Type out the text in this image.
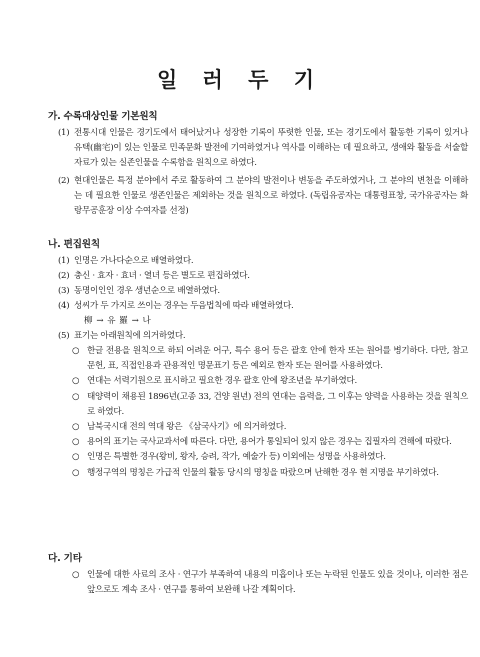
일 러 두 기
가. 수록대상인물 기본원칙
(1) 전통시대 인물은 경기도에서 태어났거나 성장한 기록이 뚜렷한 인물, 또는 경기도에서 활동한 기록이 있거나 유택(幽宅)이 있는 인물로 민족문화 발전에 기여하였거나 역사를 이해하는 데 필요하고, 생애와 활동을 서술할 자료가 있는 실존인물을 수록함을 원칙으로 하였다.
(2) 현대인물은 특정 분야에서 주로 활동하여 그 분야의 발전이나 변동을 주도하였거나, 그 분야의 변천을 이해하는 데 필요한 인물로 생존인물은 제외하는 것을 원칙으로 하였다. (독립유공자는 대통령표창, 국가유공자는 화랑무공훈장 이상 수여자를 선정)
나. 편집원칙
(1) 인명은 가나다순으로 배열하였다.
(2) 충신 · 효자 · 효녀 · 열녀 등은 별도로 편집하였다.
(3) 동명이인인 경우 생년순으로 배열하였다.
(4) 성씨가 두 가지로 쓰이는 경우는 두음법칙에 따라 배열하였다.
柳 → 유 羅 → 나
(5) 표기는 아래원칙에 의거하였다.
○ 한글 전용을 원칙으로 하되 어려운 어구, 특수 용어 등은 괄호 안에 한자 또는 원어를 병기하다. 다만, 참고문헌, 표, 직접인용과 관용적인 명문표기 등은 예외로 한자 또는 원어를 사용하였다.
○ 연대는 서력기원으로 표시하고 필요한 경우 괄호 안에 왕조년을 부기하였다.
○ 태양력이 채용된 1896년(고종 33, 건양 원년) 전의 연대는 음력을, 그 이후는 양력을 사용하는 것을 원칙으로 하였다.
○ 남북국시대 전의 역대 왕은 《삼국사기》에 의거하였다.
○ 용어의 표기는 국사교과서에 따른다. 다만, 용어가 통일되어 있지 않은 경우는 집필자의 견해에 따랐다.
○ 인명은 특별한 경우(왕비, 왕자, 승려, 작가, 예술가 등) 이외에는 성명을 사용하였다.
○ 행정구역의 명칭은 가급적 인물의 활동 당시의 명칭을 따랐으며 난해한 경우 현 지명을 부기하였다.
다. 기타
○ 인물에 대한 사료의 조사 · 연구가 부족하여 내용의 미흡이나 또는 누락된 인물도 있을 것이나, 이러한 점은 앞으로도 계속 조사 · 연구를 통하여 보완해 나갈 계획이다.
